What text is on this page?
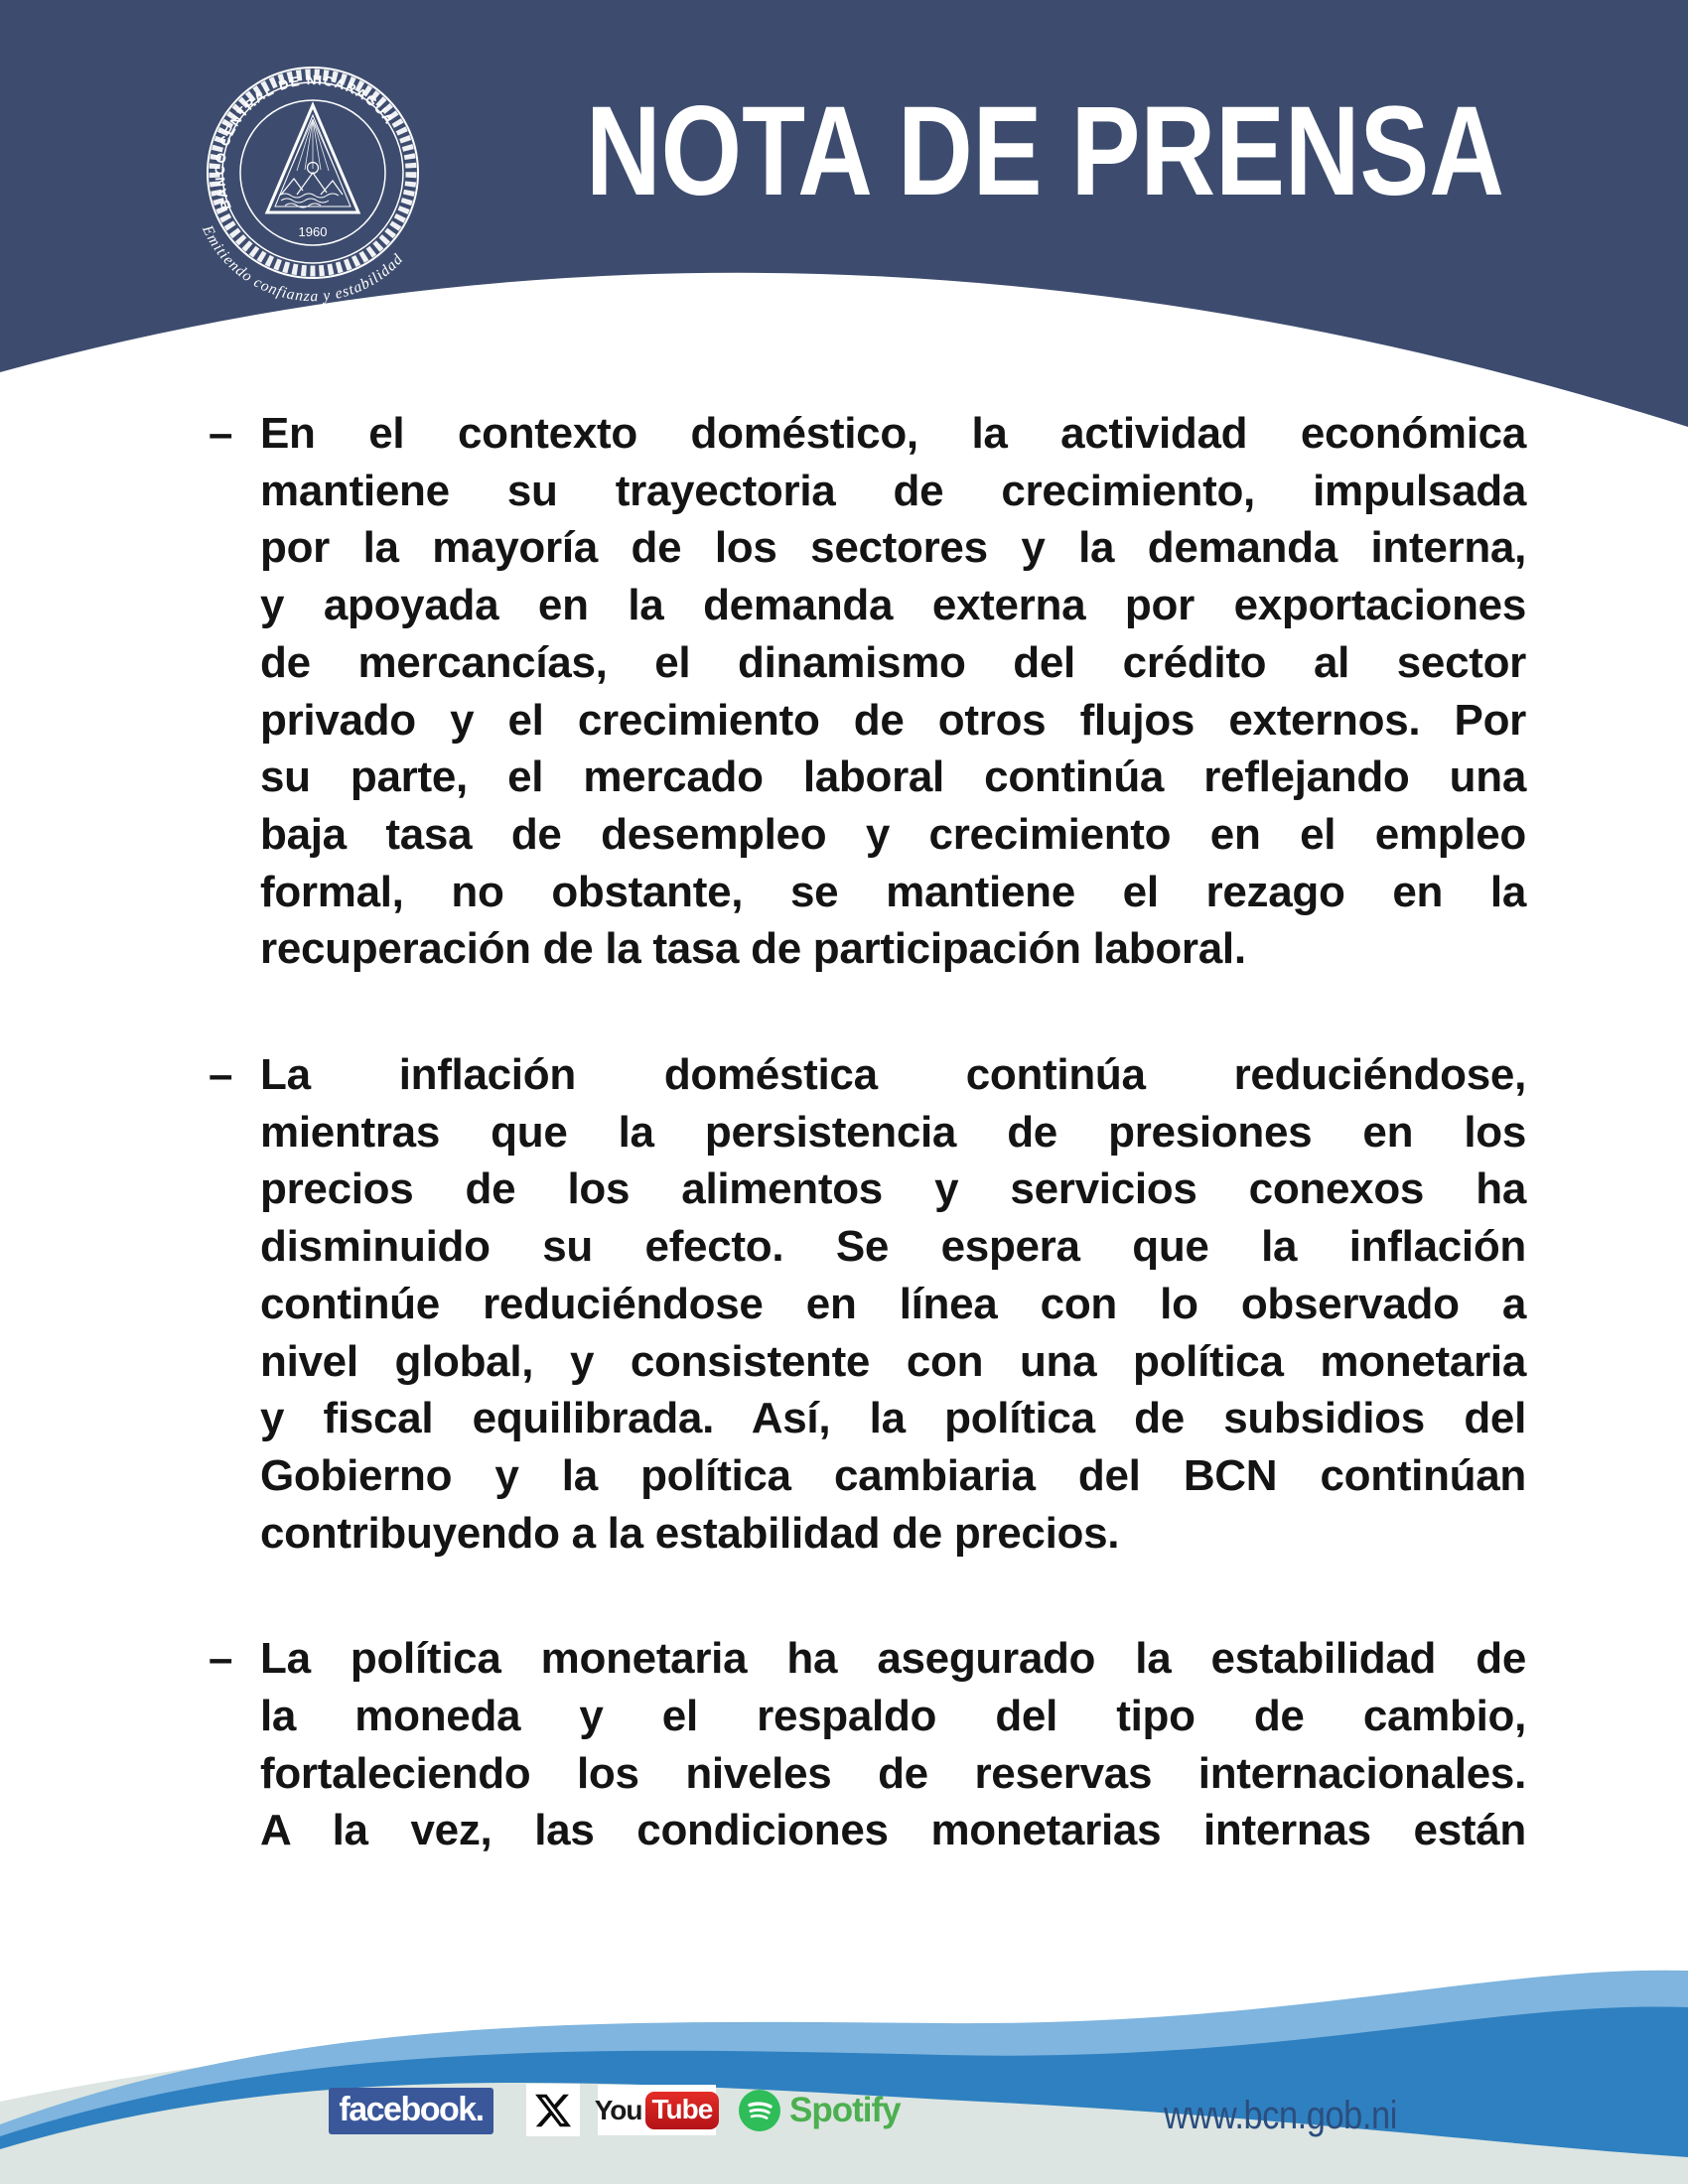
NOTA DE PRENSA
BANCO CENTRAL DE NICARAGUA
1960
Emitiendo confianza y estabilidad
– En el contexto doméstico, la actividad económica
mantiene su trayectoria de crecimiento, impulsada
por la mayoría de los sectores y la demanda interna,
y apoyada en la demanda externa por exportaciones
de mercancías, el dinamismo del crédito al sector
privado y el crecimiento de otros flujos externos. Por
su parte, el mercado laboral continúa reflejando una
baja tasa de desempleo y crecimiento en el empleo
formal, no obstante, se mantiene el rezago en la
recuperación de la tasa de participación laboral.
– La inflación doméstica continúa reduciéndose,
mientras que la persistencia de presiones en los
precios de los alimentos y servicios conexos ha
disminuido su efecto. Se espera que la inflación
continúe reduciéndose en línea con lo observado a
nivel global, y consistente con una política monetaria
y fiscal equilibrada. Así, la política de subsidios del
Gobierno y la política cambiaria del BCN continúan
contribuyendo a la estabilidad de precios.
– La política monetaria ha asegurado la estabilidad de
la moneda y el respaldo del tipo de cambio,
fortaleciendo los niveles de reservas internacionales.
A la vez, las condiciones monetarias internas están
facebook.	You Tube Spotify	www.bcn.gob.ni
